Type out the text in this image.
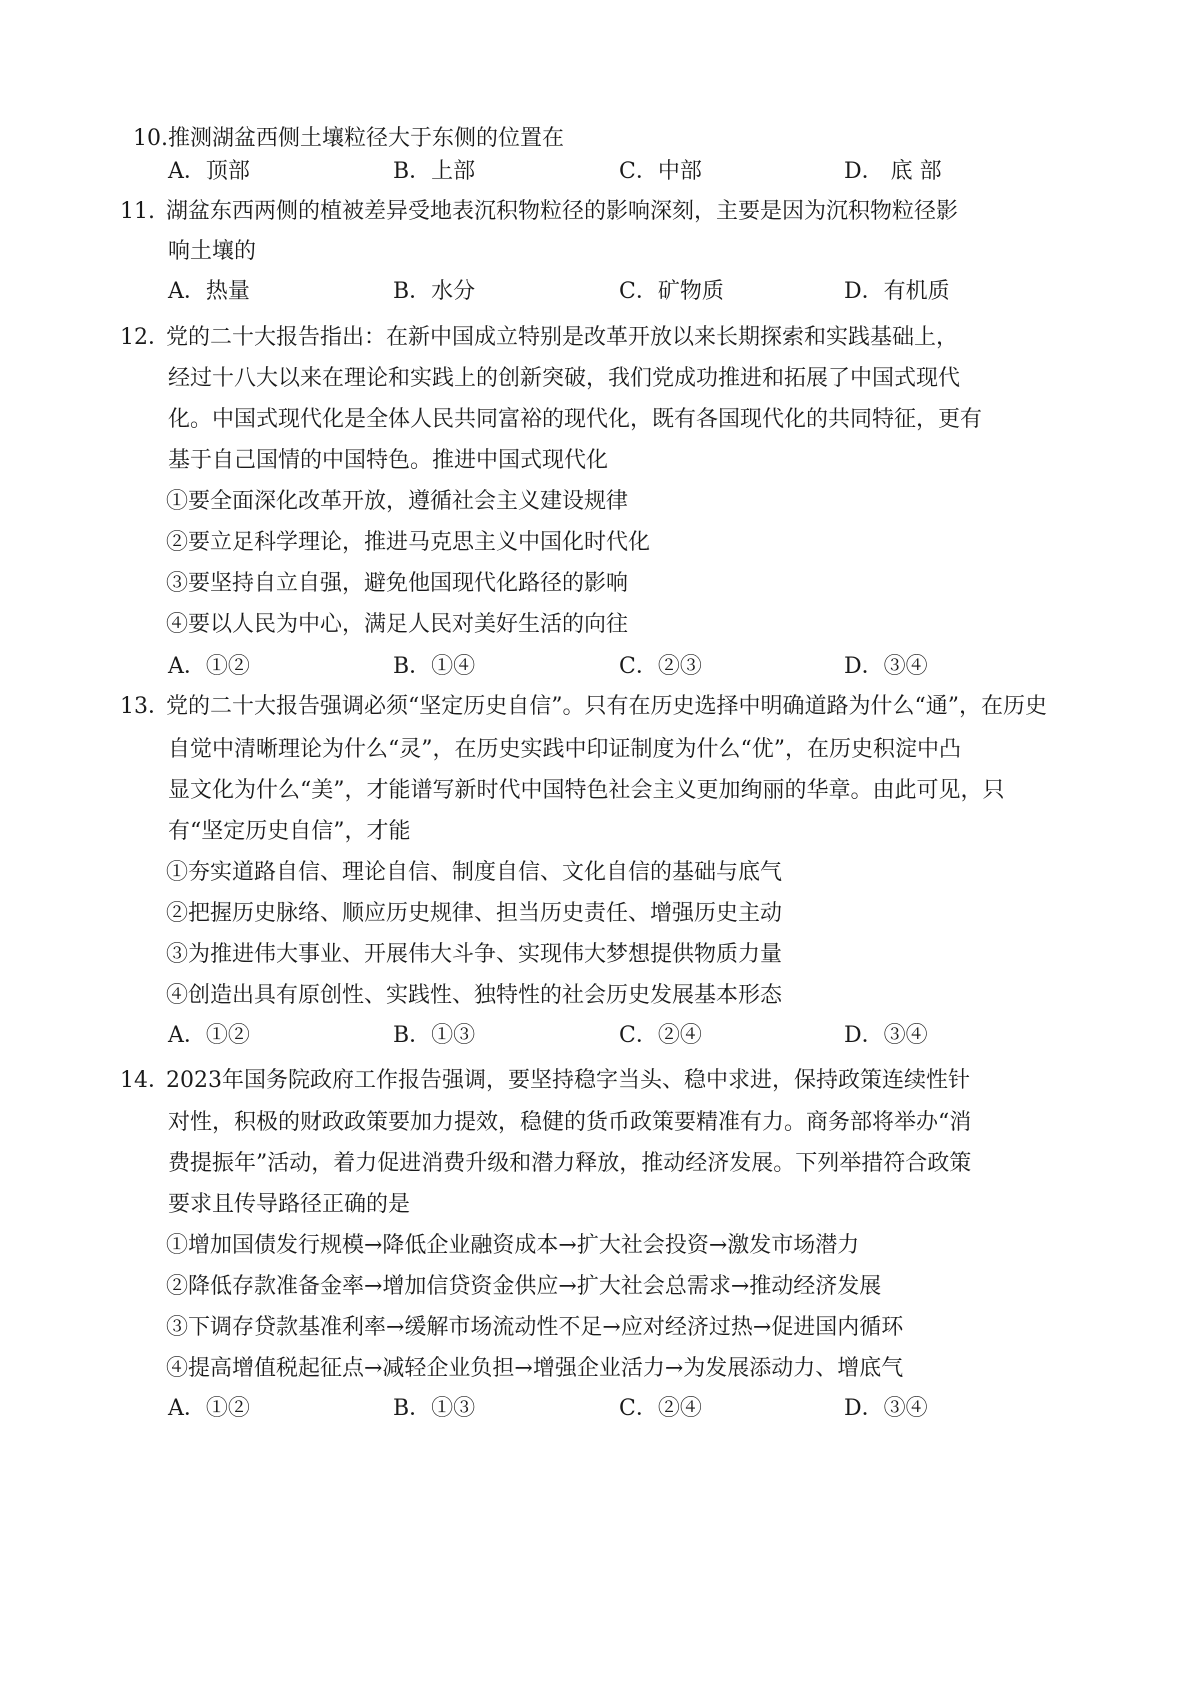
10. 推测湖盆西侧土壤粒径大于东侧的位置在
A．顶部	B．上部	C．中部	D． 底 部
11. 湖盆东西两侧的植被差异受地表沉积物粒径的影响深刻，主要是因为沉积物粒径影
响土壤的
A．热量	B．水分	C．矿物质	D．有机质
12．
党的二十大报告指出：在新中国成立特别是改革开放以来长期探索和实践基础上，
经过十八大以来在理论和实践上的创新突破，我们党成功推进和拓展了中国式现代
化。中国式现代化是全体人民共同富裕的现代化，既有各国现代化的共同特征，更有
基于自己国情的中国特色。推进中国式现代化
①要全面深化改革开放，遵循社会主义建设规律
②要立足科学理论，推进马克思主义中国化时代化
③要坚持自立自强，避免他国现代化路径的影响
④要以人民为中心，满足人民对美好生活的向往
A．①②	B．①④	C．②③	D．③④
13．
党的二十大报告强调必须“坚定历史自信”。只有在历史选择中明确道路为什么“通”，在历史
自觉中清晰理论为什么“灵”，在历史实践中印证制度为什么“优”，在历史积淀中凸
显文化为什么“美”，才能谱写新时代中国特色社会主义更加绚丽的华章。由此可见，只
有“坚定历史自信”，才能
①夯实道路自信、理论自信、制度自信、文化自信的基础与底气
②把握历史脉络、顺应历史规律、担当历史责任、增强历史主动
③为推进伟大事业、开展伟大斗争、实现伟大梦想提供物质力量
④创造出具有原创性、实践性、独特性的社会历史发展基本形态
A．①②	B．①③	C．②④	D．③④
14．
2023年国务院政府工作报告强调，要坚持稳字当头、稳中求进，保持政策连续性针
对性，积极的财政政策要加力提效，稳健的货币政策要精准有力。商务部将举办“消
费提振年”活动，着力促进消费升级和潜力释放，推动经济发展。下列举措符合政策
要求且传导路径正确的是
①增加国债发行规模→降低企业融资成本→扩大社会投资→激发市场潜力
②降低存款准备金率→增加信贷资金供应→扩大社会总需求→推动经济发展
③下调存贷款基准利率→缓解市场流动性不足→应对经济过热→促进国内循环
④提高增值税起征点→减轻企业负担→增强企业活力→为发展添动力、增底气
A．①②	B．①③	C．②④	D．③④
